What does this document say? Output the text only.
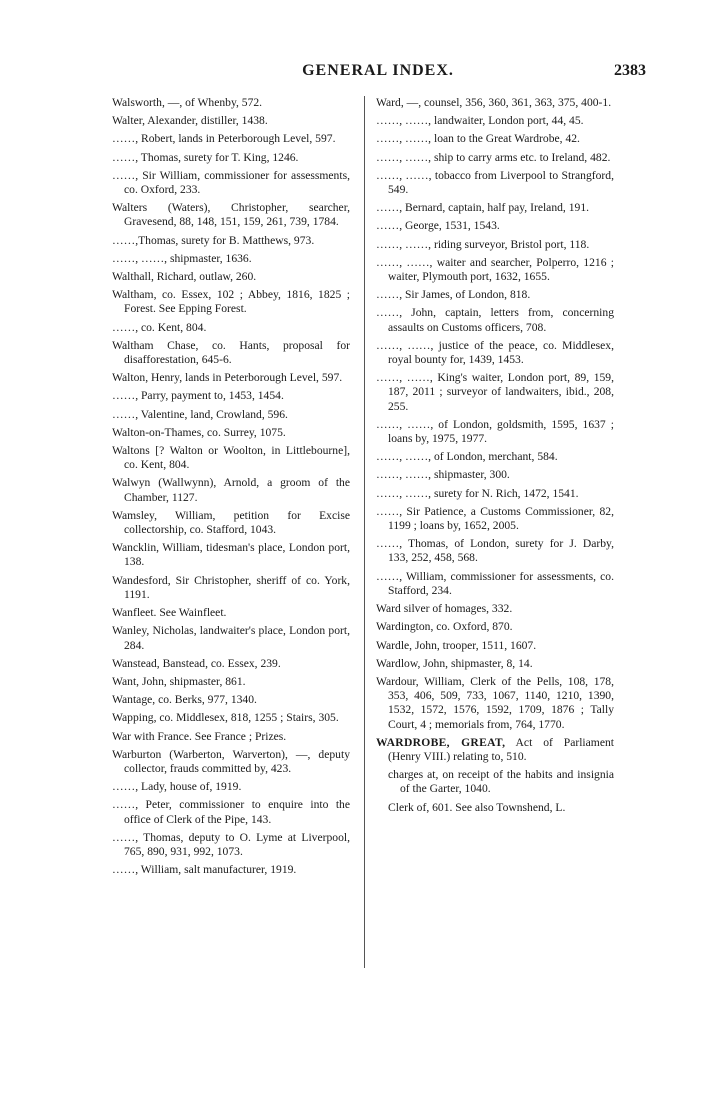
GENERAL INDEX.	2383
Walsworth, —, of Whenby, 572.
Walter, Alexander, distiller, 1438.
……, Robert, lands in Peterborough Level, 597.
……, Thomas, surety for T. King, 1246.
……, Sir William, commissioner for assessments, co. Oxford, 233.
Walters (Waters), Christopher, searcher, Gravesend, 88, 148, 151, 159, 261, 739, 1784.
……,Thomas, surety for B. Matthews, 973.
……, ……, shipmaster, 1636.
Walthall, Richard, outlaw, 260.
Waltham, co. Essex, 102 ; Abbey, 1816, 1825 ; Forest. See Epping Forest.
……, co. Kent, 804.
Waltham Chase, co. Hants, proposal for disafforestation, 645-6.
Walton, Henry, lands in Peterborough Level, 597.
……, Parry, payment to, 1453, 1454.
……, Valentine, land, Crowland, 596.
Walton-on-Thames, co. Surrey, 1075.
Waltons [? Walton or Woolton, in Littlebourne], co. Kent, 804.
Walwyn (Wallwynn), Arnold, a groom of the Chamber, 1127.
Wamsley, William, petition for Excise collectorship, co. Stafford, 1043.
Wancklin, William, tidesman's place, London port, 138.
Wandesford, Sir Christopher, sheriff of co. York, 1191.
Wanfleet. See Wainfleet.
Wanley, Nicholas, landwaiter's place, London port, 284.
Wanstead, Banstead, co. Essex, 239.
Want, John, shipmaster, 861.
Wantage, co. Berks, 977, 1340.
Wapping, co. Middlesex, 818, 1255 ; Stairs, 305.
War with France. See France ; Prizes.
Warburton (Warberton, Warverton), —, deputy collector, frauds committed by, 423.
……, Lady, house of, 1919.
……, Peter, commissioner to enquire into the office of Clerk of the Pipe, 143.
……, Thomas, deputy to O. Lyme at Liverpool, 765, 890, 931, 992, 1073.
……, William, salt manufacturer, 1919.
Ward, —, counsel, 356, 360, 361, 363, 375, 400-1.
……, ……, landwaiter, London port, 44, 45.
……, ……, loan to the Great Wardrobe, 42.
……, ……, ship to carry arms etc. to Ireland, 482.
……, ……, tobacco from Liverpool to Strangford, 549.
……, Bernard, captain, half pay, Ireland, 191.
……, George, 1531, 1543.
……, ……, riding surveyor, Bristol port, 118.
……, ……, waiter and searcher, Polperro, 1216 ; waiter, Plymouth port, 1632, 1655.
……, Sir James, of London, 818.
……, John, captain, letters from, concerning assaults on Customs officers, 708.
……, ……, justice of the peace, co. Middlesex, royal bounty for, 1439, 1453.
……, ……, King's waiter, London port, 89, 159, 187, 2011 ; surveyor of landwaiters, ibid., 208, 255.
……, ……, of London, goldsmith, 1595, 1637 ; loans by, 1975, 1977.
……, ……, of London, merchant, 584.
……, ……, shipmaster, 300.
……, ……, surety for N. Rich, 1472, 1541.
……, Sir Patience, a Customs Commissioner, 82, 1199 ; loans by, 1652, 2005.
……, Thomas, of London, surety for J. Darby, 133, 252, 458, 568.
……, William, commissioner for assessments, co. Stafford, 234.
Ward silver of homages, 332.
Wardington, co. Oxford, 870.
Wardle, John, trooper, 1511, 1607.
Wardlow, John, shipmaster, 8, 14.
Wardour, William, Clerk of the Pells, 108, 178, 353, 406, 509, 733, 1067, 1140, 1210, 1390, 1532, 1572, 1576, 1592, 1709, 1876 ; Tally Court, 4 ; memorials from, 764, 1770.
WARDROBE, GREAT, Act of Parliament (Henry VIII.) relating to, 510.
charges at, on receipt of the habits and insignia of the Garter, 1040.
Clerk of, 601. See also Townshend, L.
